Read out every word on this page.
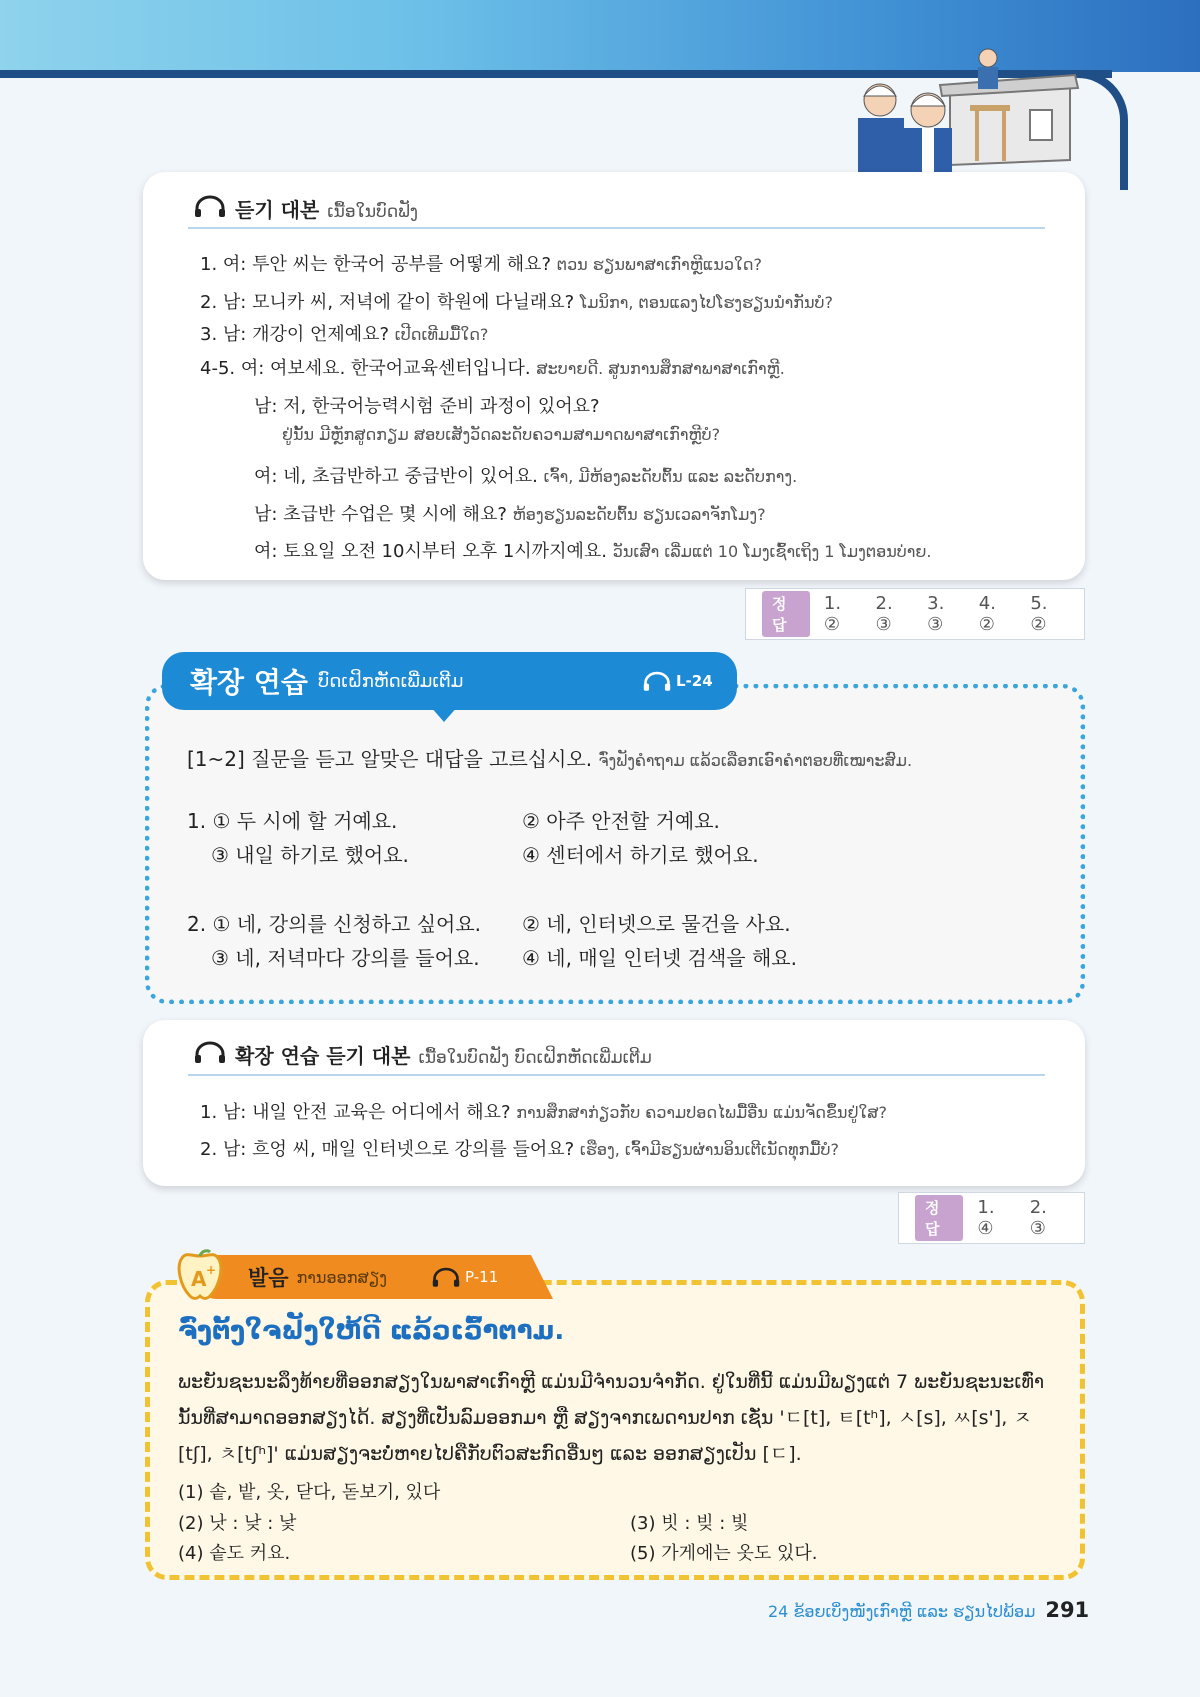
듣기 대본 ເນື້ອໃນບົດຟັງ
1. 여: 투안 씨는 한국어 공부를 어떻게 해요? ຕວນ ຮຽນພາສາເກົາຫຼີແນວໃດ?
2. 남: 모니카 씨, 저녁에 같이 학원에 다닐래요? ໂມນິກາ, ຕອນແລງໄປໂຮງຮຽນນຳກັນບໍ?
3. 남: 개강이 언제예요? ເປີດເທີມມື້ໃດ?
4-5. 여: 여보세요. 한국어교육센터입니다. ສະບາຍດີ. ສູນການສຶກສາພາສາເກົາຫຼີ.
남: 저, 한국어능력시험 준비 과정이 있어요?
ຢູ່ນັ້ນ ມີຫຼັກສູດກຽມ ສອບເສັງວັດລະດັບຄວາມສາມາດພາສາເກົາຫຼີບໍ?
여: 네, 초급반하고 중급반이 있어요. ເຈົ້າ, ມີຫ້ອງລະດັບຕົ້ນ ແລະ ລະດັບກາງ.
남: 초급반 수업은 몇 시에 해요? ຫ້ອງຮຽນລະດັບຕົ້ນ ຮຽນເວລາຈັກໂມງ?
여: 토요일 오전 10시부터 오후 1시까지예요. ວັນເສົາ ເລີ່ມແຕ່ 10 ໂມງເຊົ້າເຖິງ 1 ໂມງຕອນບ່າຍ.
정답
1. ②
2. ③
3. ③
4. ②
5. ②
확장 연습 ບົດເຝິກຫັດເພີ່ມເຕີມ	L-24
[1~2] 질문을 듣고 알맞은 대답을 고르십시오. ຈົ່ງຟັງຄຳຖາມ ແລ້ວເລືອກເອົາຄຳຕອບທີ່ເໝາະສົມ.
1. ① 두 시에 할 거예요.	② 아주 안전할 거예요.
③ 내일 하기로 했어요.	④ 센터에서 하기로 했어요.
2. ① 네, 강의를 신청하고 싶어요. ② 네, 인터넷으로 물건을 사요.
③ 네, 저녁마다 강의를 들어요. ④ 네, 매일 인터넷 검색을 해요.
확장 연습 듣기 대본 ເນື້ອໃນບົດຟັງ ບົດເຝິກຫັດເພີ່ມເຕີມ
1. 남: 내일 안전 교육은 어디에서 해요? ການສຶກສາກ່ຽວກັບ ຄວາມປອດໄພມື້ອື່ນ ແມ່ນຈັດຂຶ້ນຢູ່ໃສ?
2. 남: 흐엉 씨, 매일 인터넷으로 강의를 들어요? ເຮືອງ, ເຈົ້າມີຮຽນຜ່ານອິນເຕີເນັດທຸກມື້ບໍ?
정답
1. ④
2. ③
발음 ການອອກສຽງ	P-11
A +
ຈົ່ງຕັ້ງໃຈຟັງໃຫ້ດີ ແລ້ວເວົ້າຕາມ.
ພະຍັນຊະນະລຶງທ້າຍທີ່ອອກສຽງໃນພາສາເກົາຫຼີ ແມ່ນມີຈຳນວນຈຳກັດ. ຢູ່ໃນທີ່ນີ້ ແມ່ນມີພຽງແຕ່ 7 ພະຍັນຊະນະເທົ່ານັ້ນທີ່ສາມາດອອກສຽງໄດ້. ສຽງທີ່ເປັນລົມອອກມາ ຫຼື ສຽງຈາກເພດານປາກ ເຊັ່ນ 'ㄷ[t], ㅌ[tʰ], ㅅ[s], ㅆ[s'], ㅈ[tʃ], ㅊ[tʃʰ]' ແມ່ນສຽງຈະບໍ່ຫາຍໄປຄືກັບຕົວສະກົດອື່ນໆ ແລະ ອອກສຽງເປັນ [ㄷ].
(1) 솥, 밭, 옷, 닫다, 돋보기, 있다
(2) 낫 : 낮 : 낯	(3) 빗 : 빚 : 빛
(4) 솥도 커요.	(5) 가게에는 옷도 있다.
24 ຂ້ອຍເບິ່ງໜັງເກົາຫຼີ ແລະ ຮຽນໄປພ້ອມ 291
